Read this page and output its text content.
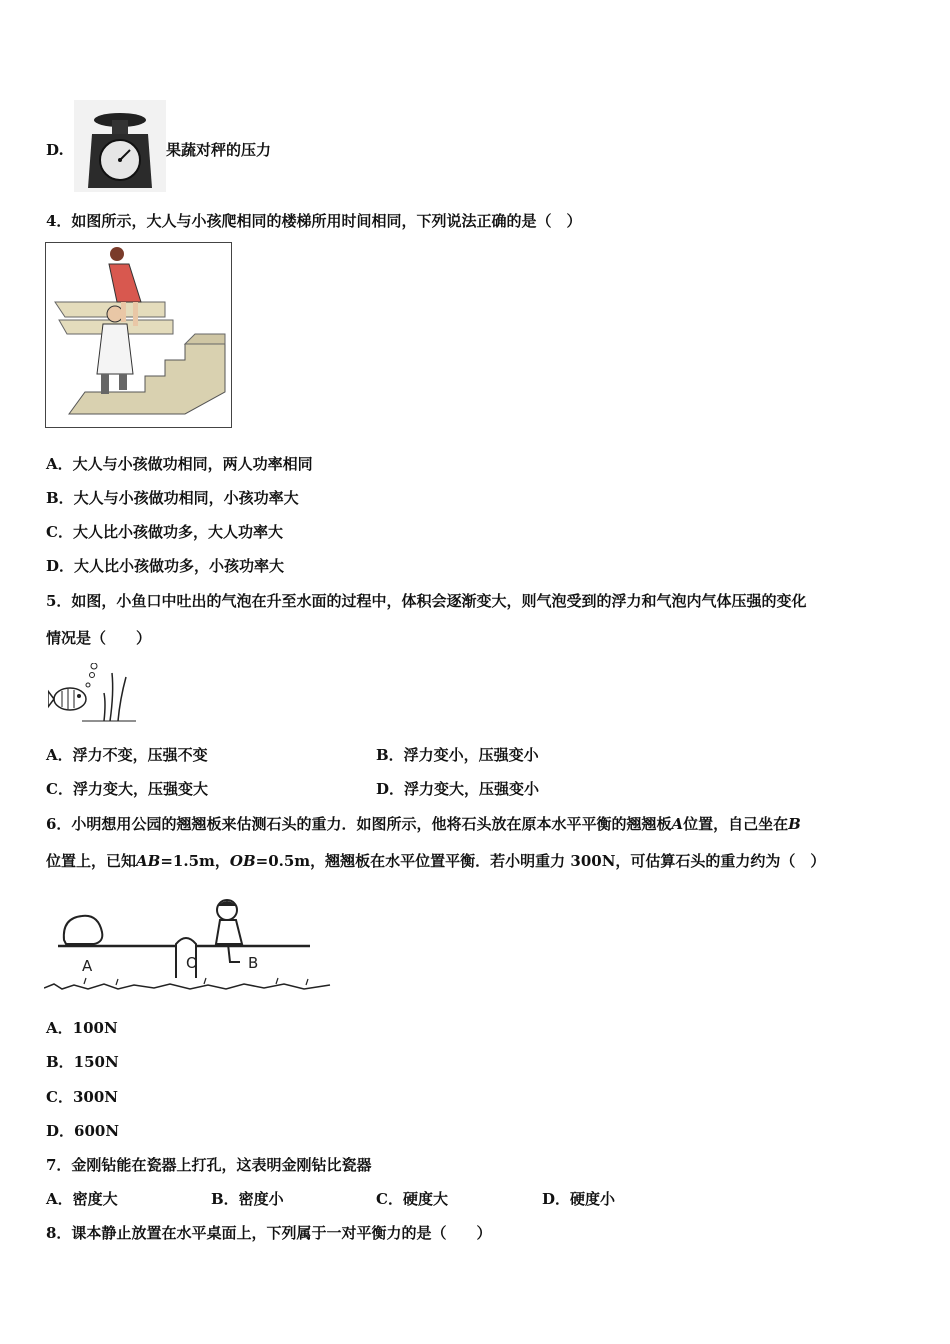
D.	果蔬对秤的压力
4．如图所示，大人与小孩爬相同的楼梯所用时间相同，下列说法正确的是（　）
A．大人与小孩做功相同，两人功率相同
B．大人与小孩做功相同，小孩功率大
C．大人比小孩做功多，大人功率大
D．大人比小孩做功多，小孩功率大
5．如图，小鱼口中吐出的气泡在升至水面的过程中，体积会逐渐变大，则气泡受到的浮力和气泡内气体压强的变化
情况是（　　）
A．浮力不变，压强不变	B．浮力变小，压强变小
C．浮力变大，压强变大	D．浮力变大，压强变小
6．小明想用公园的翘翘板来估测石头的重力．如图所示，他将石头放在原本水平平衡的翘翘板A位置，自己坐在B
位置上，已知AB=1.5m，OB=0.5m，翘翘板在水平位置平衡．若小明重力 300N，可估算石头的重力约为（　）
A	O	B
A．100N
B．150N
C．300N
D．600N
7．金刚钻能在瓷器上打孔，这表明金刚钻比瓷器
A．密度大	B．密度小	C．硬度大	D．硬度小
8．课本静止放置在水平桌面上，下列属于一对平衡力的是（　　）
